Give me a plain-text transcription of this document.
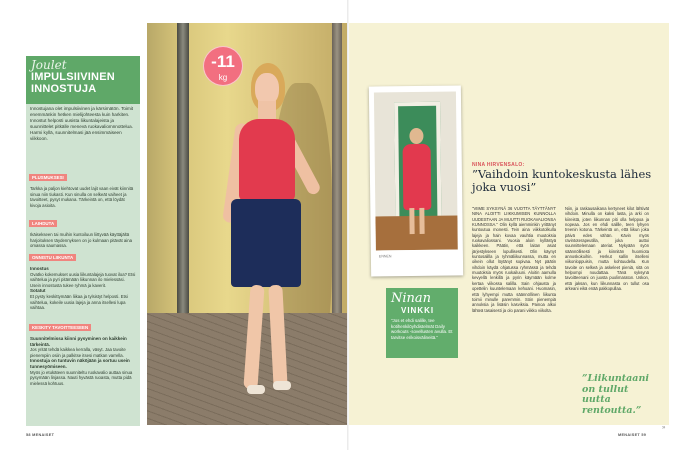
Joulet
IMPULSIIVINEN INNOSTUJA
Innostujana olet impulsiivinen ja kärsimätön. Toimit enemmänkin hetken mielijohteesta kuin harkiten. Innostut helposti uusista liikuntalajeista ja suunnittelet pitkälle menevä ruokavaliomnnottelua. Harmi kyllä, suunnitelmasi jää ensimmäiseen viikkoon.
PLUSMUKSESI
Tarkka ja paljon kiehtovat uudet lajit vaan eivät kiinnitä sinua niin tiukasti. Kun sinulla on selkeät vaiheet ja tavoitteet, pysyt mukana. Tärkeintä on, että löydät kivoja asioita.
LAIHDUTA
Ikäisekseen tai muihin kuntoiluun liittyvää käyttäjältä harjoituksen täydennyksen on jo kulmaan pitävät aina omassa saumassa.
ONNISTU LIIKUNTA
Innostus
Ovatko kokemukset uusia liikuntalajeja tuovat iloa? Etsi vaihtelua ja pyri pitämään liikunnan ilo mielessäsi. Usein innostusta tukee ryhmä ja kaverit.
Sotatut
Et pysty keskittymään liikaa ja tylsistyt helposti. Etsi vaihtelua, kokeile uusia lajeja ja anna itsellesi lupa vaihtaa.
KESKITY TAVOITTEESEEN
Suunnitelmissa kiinni pysyminen on kaikkein tärkeintä.
Jos yrität tehdä kaikkea kerralla, väsyt. Jaa tavoite pienempiin osiin ja palkitse itsesi matkan varrella.
Innostuja on tuntuvin näköjään ja sortuu usein tunnesyömiseen.
Myös jo etukäteen suunniteltu ruokavalio auttaa sinua pysymään linjassa. Nauti hyvästä ruoasta, mutta pidä mielessä kohtuus.
-11
kg
ENNEN
Ninan
VINKKI
"Jos et ehdi salille, tee kotihenkilöyhdistelmät Daily workouts -sovellusten avulla. Et tarvitse erikoisvälineitä."
NINA HIRVENSALO:
”Vaihdoin kuntokeskusta lähes joka vuosi”
"VIIME SYKSYNÄ 36 VUOTTA TÄYTTÄNYT NINA ALOITTI LIIKKUMISEN KUNNOLLA UUDESTAAN JA MUUTTI RUOKAVALIONSA KUNNOSSA." Olin kyllä aiemminkin yrittänyt kuntoutua monesti. Tein aina viikkotolkulla lajeja ja hain kovaa vauhtia muutoksia ruokavaliossani. Vuosia aloin kyllästyä kaikkeen. Päätin, että laitan asiat järjestykseen lopullisesti. Olin käynyt kuntosalilla ja ryhmäliikunnassa, mutta en oikein ollut löytänyt sopivaa. Nyt päätin vihdoin käydä ohjatussa ryhmässä ja tehdä muutoksia myös ruokailuuni. Aloitin aamulla kevyellä lenkillä ja pyrin käymään kolme kertaa viikossa salilla. Sain ohjausta ja opettelin kuuntelemaan kehoani. Huomasin, että lyhyempi mutta säännöllinen liikunta toimii minulle paremmin. Söin pienempiä annoksia ja lisäsin kasviksia. Painoa alkoi lähteä tasaisesti ja olo parani viikko viikolta.
Niin, ja raskausaikana kertyneet kilot lähtivät vihdoin. Minulla on kaksi lasta, ja arki on kiireistä, joten liikunnan piti olla helppoa ja nopeaa. Jos en ehdi salille, teen lyhyen treenin kotona. Tärkeintä on, että liikun joka päivä edes vähän. Kävin myös ravintoterapeutilla, joka auttoi suunnittelemaan ateriat. Nykyään syön säännöllisesti ja kiinnitän huomiota annoskokoihin. Herkut sallin itselleni viikonloppuisin, mutta kohtuudella. Kun tavoite on selkeä ja askeleet pieniä, sitä on helpompi noudattaa. Tänä syksynä tavoitteenani on juosta puolimaraton. Uskon, että jaksan, kun liikunnasta on tullut osa arkeani eikä enää pakkopullaa.
”Liikuntaani on tullut uutta rentoutta.”
58 MENAISET	MENAISET 59
»
